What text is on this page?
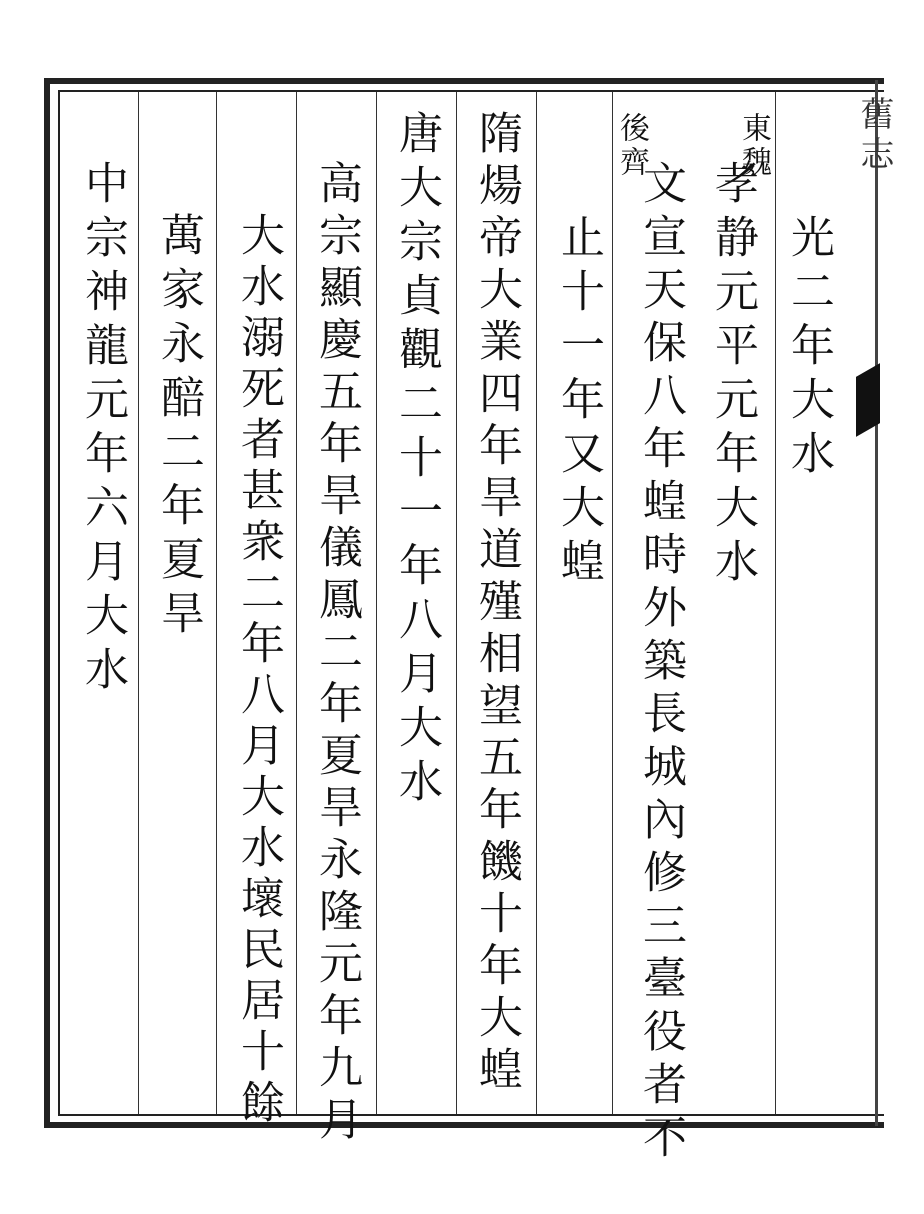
舊志
東魏
後齊
光二年大水
孝静元平元年大水
文宣天保八年蝗時外築長城內修三臺役者不
止十一年又大蝗
隋煬帝大業四年旱道殣相望五年饑十年大蝗
唐大宗貞觀二十一年八月大水
高宗顯慶五年旱儀鳳二年夏旱永隆元年九月
大水溺死者甚衆二年八月大水壞民居十餘
萬家永醅二年夏旱
中宗神龍元年六月大水
